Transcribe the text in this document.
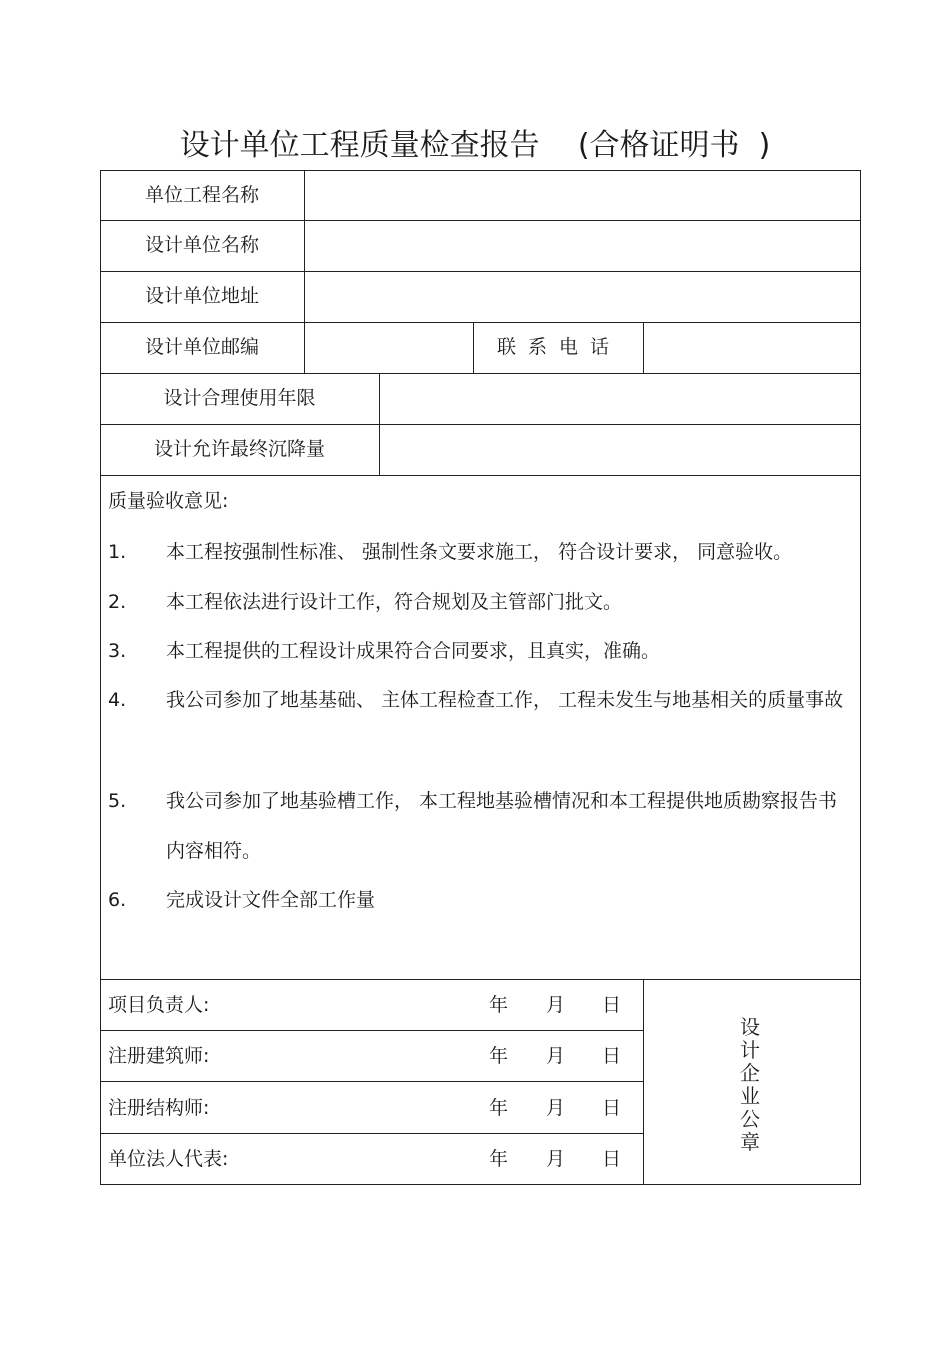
设计单位工程质量检查报告    (合格证明书  )
单位工程名称
设计单位名称
设计单位地址
设计单位邮编	联系电话
设计合理使用年限
设计允许最终沉降量
质量验收意见:
1. 本工程按强制性标准、 强制性条文要求施工， 符合设计要求， 同意验收。
2. 本工程依法进行设计工作，符合规划及主管部门批文。
3. 本工程提供的工程设计成果符合合同要求，且真实，准确。
4. 我公司参加了地基基础、 主体工程检查工作， 工程未发生与地基相关的质量事故
5. 我公司参加了地基验槽工作， 本工程地基验槽情况和本工程提供地质勘察报告书内容相符。
6. 完成设计文件全部工作量
项目负责人:	年 月 日
注册建筑师:	年 月 日
注册结构师:	年 月 日
单位法人代表:	年 月 日
设计企业公章
